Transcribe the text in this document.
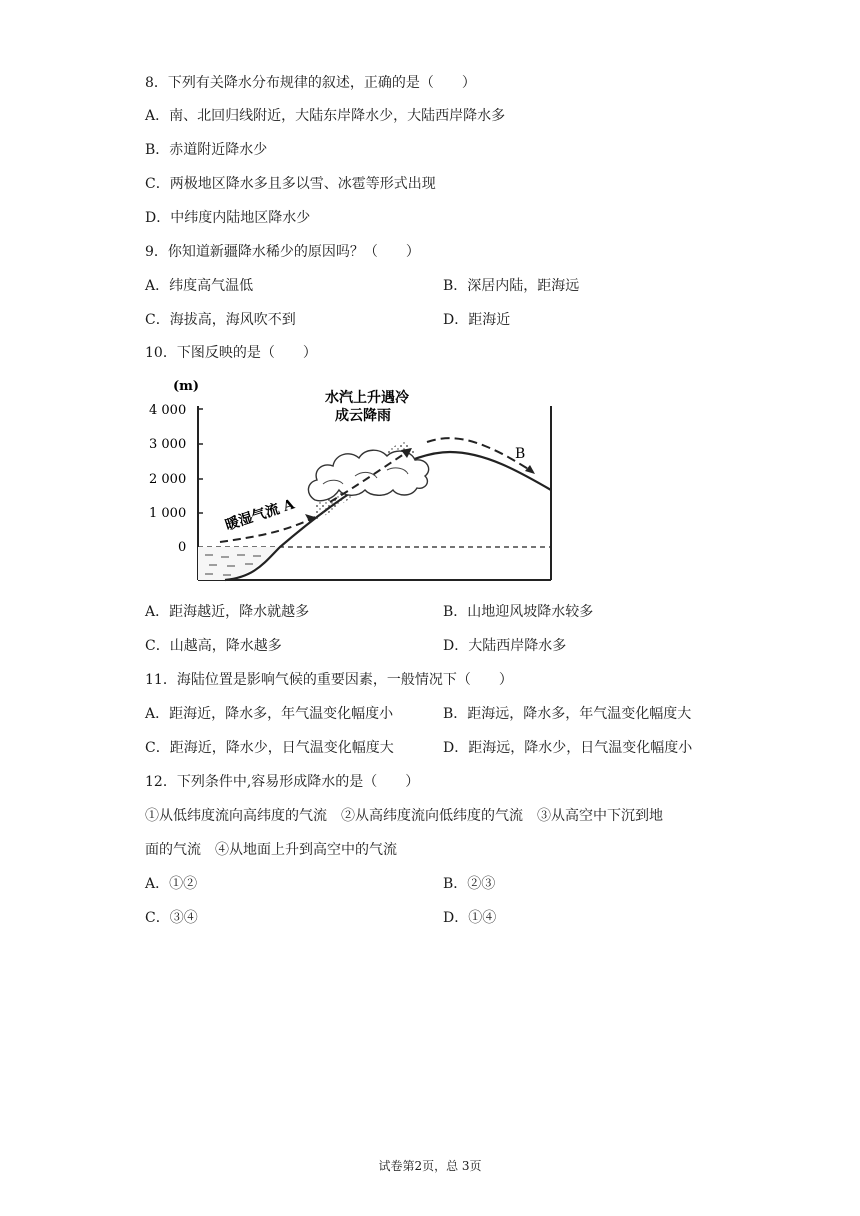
8．下列有关降水分布规律的叙述，正确的是（　　）
A．南、北回归线附近，大陆东岸降水少，大陆西岸降水多
B．赤道附近降水少
C．两极地区降水多且多以雪、冰雹等形式出现
D．中纬度内陆地区降水少
9．你知道新疆降水稀少的原因吗？（　　）
A．纬度高气温低	B．深居内陆，距海远
C．海拔高，海风吹不到	D．距海近
10．下图反映的是（　　）
(m)
4 000
3 000
2 000
1 000
0
暖湿气流 A
水汽上升遇冷
成云降雨
B
A．距海越近，降水就越多	B．山地迎风坡降水较多
C．山越高，降水越多	D．大陆西岸降水多
11．海陆位置是影响气候的重要因素，一般情况下（　　）
A．距海近，降水多，年气温变化幅度小	B．距海远，降水多，年气温变化幅度大
C．距海近，降水少，日气温变化幅度大	D．距海远，降水少，日气温变化幅度小
12．下列条件中,容易形成降水的是（　　）
①从低纬度流向高纬度的气流　②从高纬度流向低纬度的气流　③从高空中下沉到地
面的气流　④从地面上升到高空中的气流
A．①②	B．②③
C．③④	D．①④
试卷第2页，总 3页
